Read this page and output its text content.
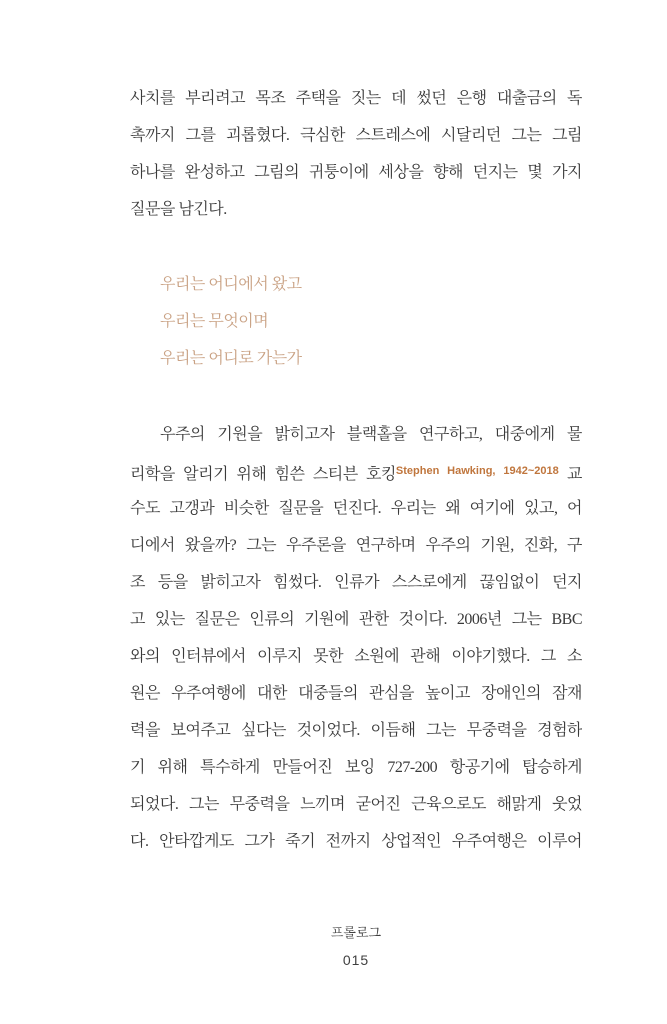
사치를 부리려고 목조 주택을 짓는 데 썼던 은행 대출금의 독
촉까지 그를 괴롭혔다. 극심한 스트레스에 시달리던 그는 그림
하나를 완성하고 그림의 귀퉁이에 세상을 향해 던지는 몇 가지
질문을 남긴다.
우리는 어디에서 왔고
우리는 무엇이며
우리는 어디로 가는가
우주의 기원을 밝히고자 블랙홀을 연구하고, 대중에게 물
리학을 알리기 위해 힘쓴 스티븐 호킹$^{Stephen Hawking, 1942\sim 2018}$ 교
수도 고갱과 비슷한 질문을 던진다. 우리는 왜 여기에 있고, 어
디에서 왔을까? 그는 우주론을 연구하며 우주의 기원, 진화, 구
조 등을 밝히고자 힘썼다. 인류가 스스로에게 끊임없이 던지
고 있는 질문은 인류의 기원에 관한 것이다. 2006년 그는 BBC
와의 인터뷰에서 이루지 못한 소원에 관해 이야기했다. 그 소
원은 우주여행에 대한 대중들의 관심을 높이고 장애인의 잠재
력을 보여주고 싶다는 것이었다. 이듬해 그는 무중력을 경험하
기 위해 특수하게 만들어진 보잉 727-200 항공기에 탑승하게
되었다. 그는 무중력을 느끼며 굳어진 근육으로도 해맑게 웃었
다. 안타깝게도 그가 죽기 전까지 상업적인 우주여행은 이루어
프롤로그
015
